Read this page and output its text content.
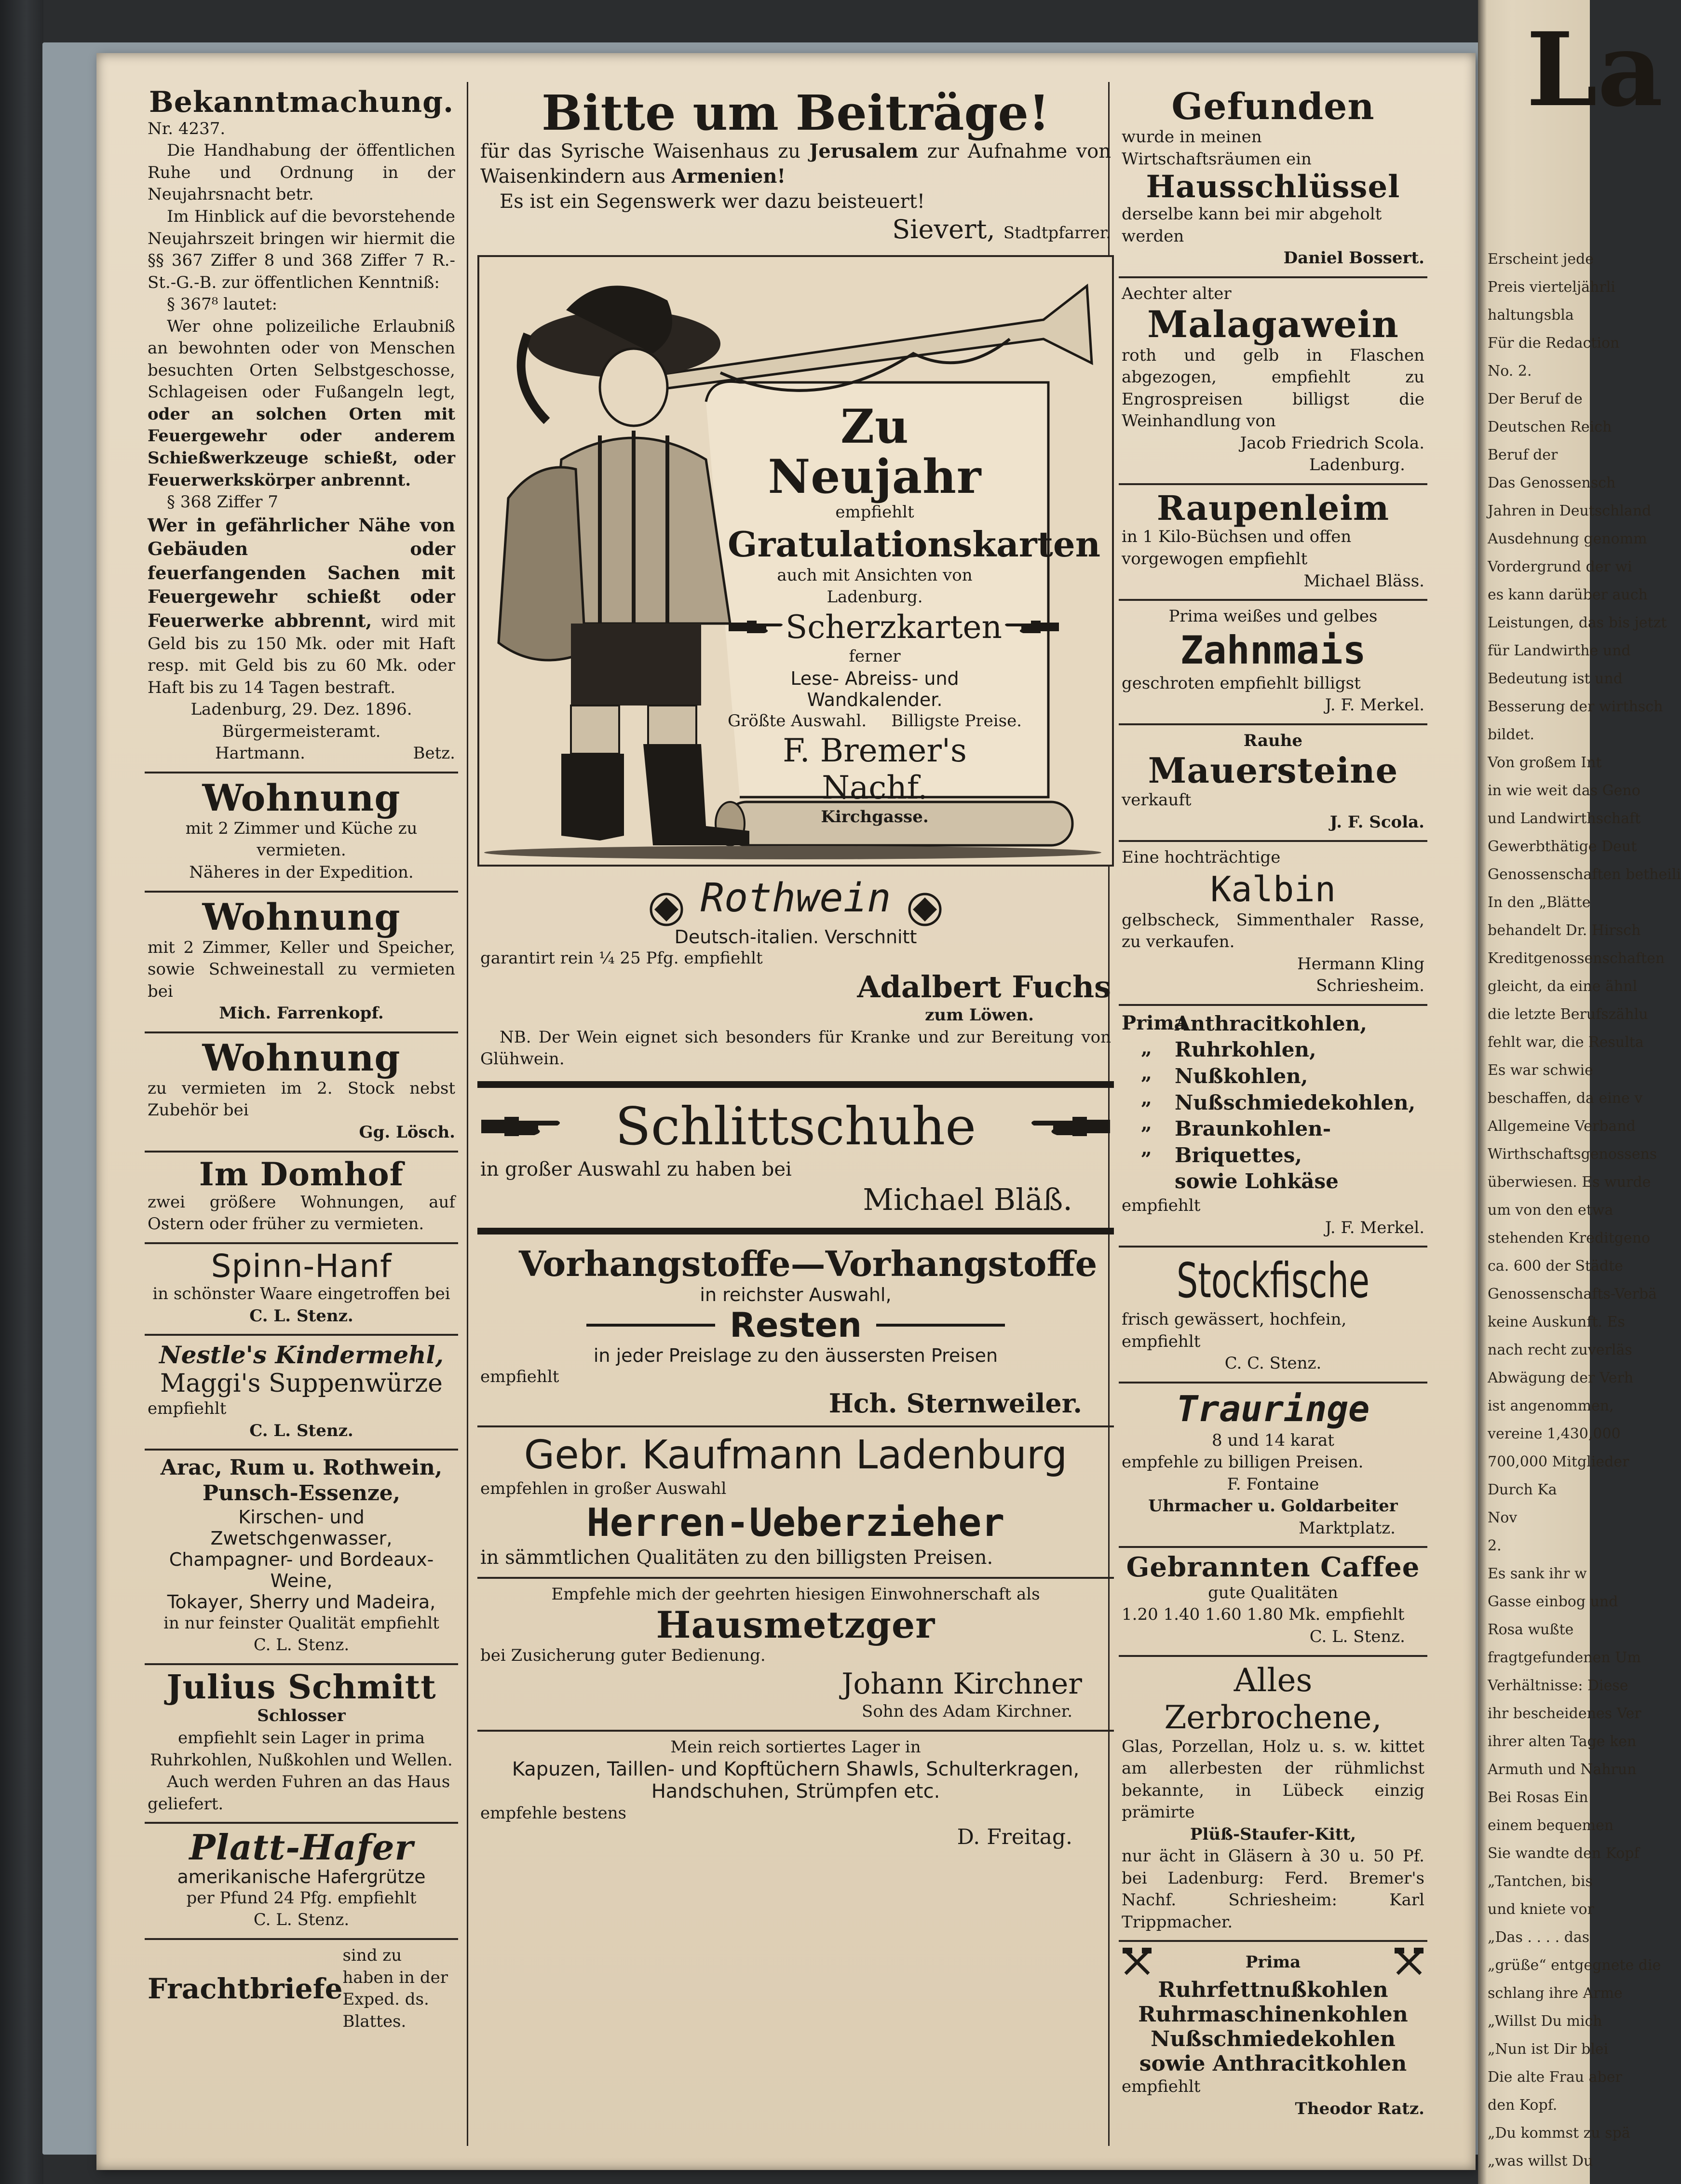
Bekanntmachung.

Nr. 4237.

Die Handhabung der öffentlichen Ruhe und Ordnung in der Neujahrsnacht betr.

Im Hinblick auf die bevorstehende Neujahrszeit bringen wir hiermit die §§ 367 Ziffer 8 und 368 Ziffer 7 R.-St.-G.-B. zur öffentlichen Kenntniß:

§ 367⁸ lautet:

Wer ohne polizeiliche Erlaubniß an bewohnten oder von Menschen besuchten Orten Selbstgeschosse, Schlageisen oder Fußangeln legt, oder an solchen Orten mit Feuergewehr oder anderem Schießwerkzeuge schießt, oder Feuerwerkskörper anbrennt.

§ 368 Ziffer 7

Wer in gefährlicher Nähe von Gebäuden oder feuerfangenden Sachen mit Feuergewehr schießt oder Feuerwerke abbrennt, wird mit Geld bis zu 150 Mk. oder mit Haft resp. mit Geld bis zu 60 Mk. oder Haft bis zu 14 Tagen bestraft.

Ladenburg, 29. Dez. 1896.

Bürgermeisteramt.

Hartmann.	Betz.
Wohnung

mit 2 Zimmer und Küche zu vermieten.

Näheres in der Expedition.

Wohnung

mit 2 Zimmer, Keller und Speicher, sowie Schweinestall zu vermieten bei

Mich. Farrenkopf.

Wohnung

zu vermieten im 2. Stock nebst Zubehör bei

Gg. Lösch.

Im Domhof

zwei größere Wohnungen, auf Ostern oder früher zu vermieten.

Spinn-Hanf

in schönster Waare eingetroffen bei

C. L. Stenz.

Nestle's Kindermehl,

Maggi's Suppenwürze

empfiehlt

C. L. Stenz.

Arac, Rum u. Rothwein, Punsch-Essenze,

Kirschen- und Zwetschgenwasser,

Champagner- und Bordeaux-Weine,

Tokayer, Sherry und Madeira,

in nur feinster Qualität empfiehlt

C. L. Stenz.

Julius Schmitt

Schlosser

empfiehlt sein Lager in prima Ruhrkohlen, Nußkohlen und Wellen.

Auch werden Fuhren an das Haus geliefert.

Platt-Hafer

amerikanische Hafergrütze

per Pfund 24 Pfg. empfiehlt

C. L. Stenz.

Frachtbriefe
sind zu haben in der Exped. ds. Blattes.
Bitte um Beiträge!

für das Syrische Waisenhaus zu Jerusalem zur Aufnahme von Waisenkindern aus Armenien!

Es ist ein Segenswerk wer dazu beisteuert!

Sievert, Stadtpfarrer.

Zu Neujahr

empfiehlt

Gratulationskarten

auch mit Ansichten von Ladenburg.

Scherzkarten

ferner

Lese- Abreiss- und Wandkalender.

Größte Auswahl. Billigste Preise.
F. Bremer's Nachf.

Kirchgasse.

Rothwein

Deutsch-italien. Verschnitt

garantirt rein ¼ 25 Pfg. empfiehlt

Adalbert Fuchs

zum Löwen.

NB. Der Wein eignet sich besonders für Kranke und zur Bereitung von Glühwein.

Schlittschuhe

in großer Auswahl zu haben bei

Michael Bläß.

Vorhangstoffe — Vorhangstoffe

in reichster Auswahl,

Resten

in jeder Preislage zu den äussersten Preisen

empfiehlt

Hch. Sternweiler.

Gebr. Kaufmann Ladenburg

empfehlen in großer Auswahl

Herren-Ueberzieher

in sämmtlichen Qualitäten zu den billigsten Preisen.

Empfehle mich der geehrten hiesigen Einwohnerschaft als

Hausmetzger

bei Zusicherung guter Bedienung.

Johann Kirchner

Sohn des Adam Kirchner.

Mein reich sortiertes Lager in

Kapuzen, Taillen- und Kopftüchern Shawls, Schulterkragen,

Handschuhen, Strümpfen etc.

empfehle bestens

D. Freitag.

Gefunden

wurde in meinen Wirtschaftsräumen ein

Hausschlüssel

derselbe kann bei mir abgeholt werden

Daniel Bossert.

Aechter alter

Malagawein

roth und gelb in Flaschen abgezogen, empfiehlt zu Engrospreisen billigst die Weinhandlung von

Jacob Friedrich Scola.

Ladenburg.

Raupenleim

in 1 Kilo-Büchsen und offen vorgewogen empfiehlt

Michael Bläss.

Prima weißes und gelbes

Zahnmais

geschroten empfiehlt billigst

J. F. Merkel.

Rauhe

Mauersteine

verkauft

J. F. Scola.

Eine hochträchtige

Kalbin

gelbscheck, Simmenthaler Rasse, zu verkaufen.

Hermann Kling

Schriesheim.

Prima
„
„
„
„
„
Anthracitkohlen,
Ruhrkohlen,
Nußkohlen,
Nußschmiedekohlen,
Braunkohlen-Briquettes,
sowie Lohkäse

empfiehlt

J. F. Merkel.

Stockfische

frisch gewässert, hochfein, empfiehlt

C. C. Stenz.

Trauringe

8 und 14 karat

empfehle zu billigen Preisen.

F. Fontaine

Uhrmacher u. Goldarbeiter

Marktplatz.

Gebrannten Caffee

gute Qualitäten

1.20 1.40 1.60 1.80 Mk. empfiehlt

C. L. Stenz.

Alles Zerbrochene,

Glas, Porzellan, Holz u. s. w. kittet am allerbesten der rühmlichst bekannte, in Lübeck einzig prämirte

Plüß-Staufer-Kitt,

nur ächt in Gläsern à 30 u. 50 Pf. bei Ladenburg: Ferd. Bremer's Nachf. Schriesheim: Karl Trippmacher.

Prima

Ruhrfettnußkohlen

Ruhrmaschinenkohlen

Nußschmiedekohlen

sowie Anthracitkohlen

empfiehlt

Theodor Ratz.

La
Erscheint jede
Preis vierteljährli
haltungsbla
Für die Redaction
No. 2.
Der Beruf de
Deutschen Reich
Beruf der
Das Genossensch
Jahren in Deutschland
Ausdehnung genomm
Vordergrund der wi
es kann darüber auch
Leistungen, das bis jetzt
für Landwirthe und
Bedeutung ist und
Besserung der wirthsch
bildet.
Von großem Int
in wie weit das Geno
und Landwirthschaft
Gewerbthätige Deut
Genossenschaften betheili
In den „Blätte
behandelt Dr. Hirsch
Kreditgenossenschaften
gleicht, da eine ähnl
die letzte Berufszählu
fehlt war, die Resulta
Es war schwie
beschaffen, da eine v
Allgemeine Verband
Wirthschaftsgenossens
überwiesen. Es wurde
um von den etwa
stehenden Kreditgeno
ca. 600 der Städte
Genossenschafts-Verbä
keine Auskunft. Es
nach recht zuverläs
Abwägung der Verh
ist angenommen,
vereine 1,430,000
700,000 Mitglieder
Durch Ka
Nov
2.
Es sank ihr w
Gasse einbog und
Rosa wußte
fragtgefundenen Um
Verhältnisse: Diese
ihr bescheidenes Ver
ihrer alten Tage ken
Armuth und Nahrun
Bei Rosas Ein
einem bequemen
Sie wandte den Kopf
„Tantchen, bis
und kniete vor
„Das . . . . das
„grüße“ entgegnete die
schlang ihre Arme
„Willst Du mich
„Nun ist Dir blei
Die alte Frau aber
den Kopf.
„Du kommst zu spä
„was willst Du
